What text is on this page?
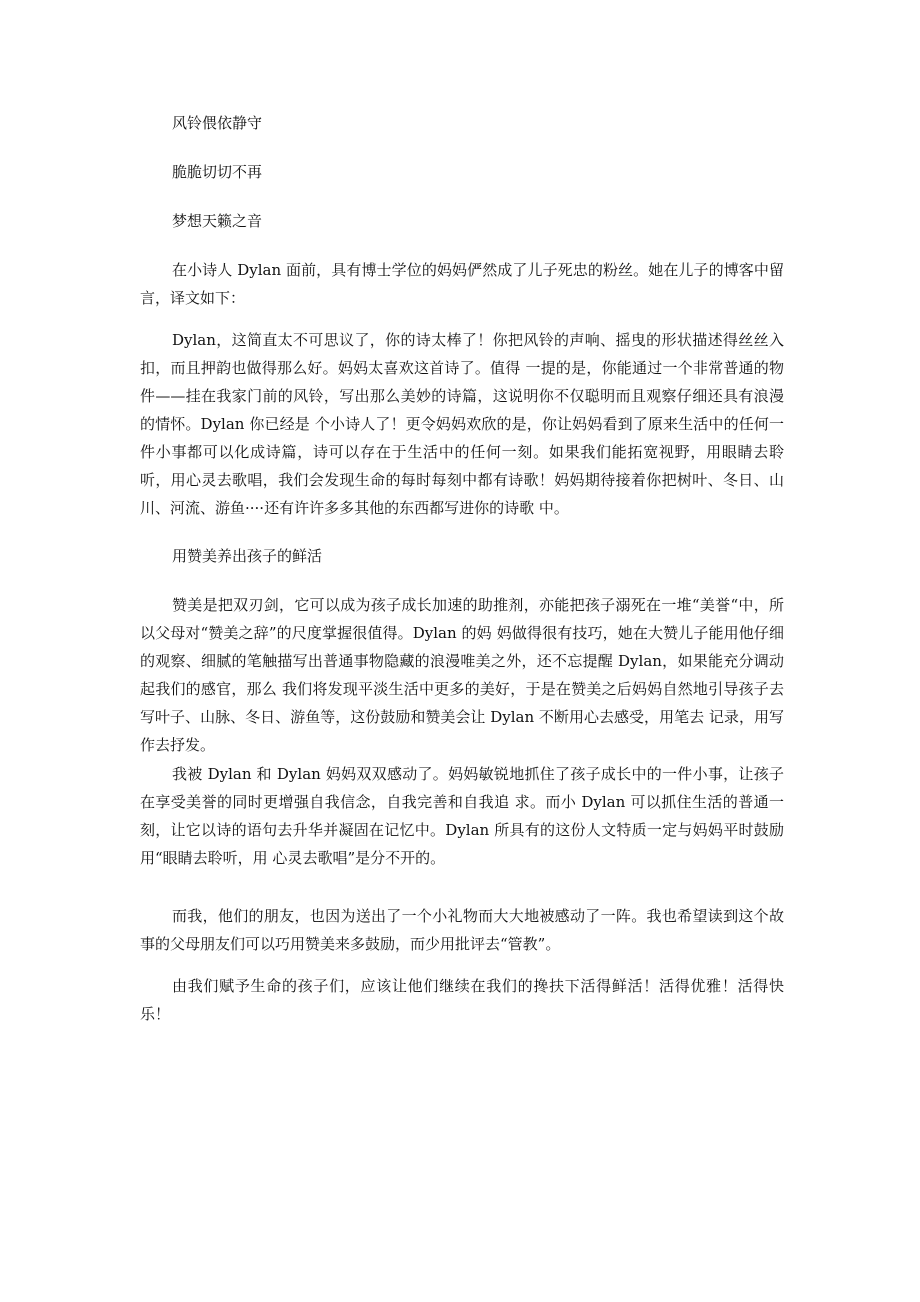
风铃偎依静守

脆脆切切不再

梦想天籁之音

在小诗人 Dylan 面前，具有博士学位的妈妈俨然成了儿子死忠的粉丝。她在儿子的博客中留言，译文如下：

Dylan，这简直太不可思议了，你的诗太棒了！你把风铃的声响、摇曳的形状描述得丝丝入扣，而且押韵也做得那么好。妈妈太喜欢这首诗了。值得 一提的是，你能通过一个非常普通的物件——挂在我家门前的风铃，写出那么美妙的诗篇，这说明你不仅聪明而且观察仔细还具有浪漫的情怀。Dylan 你已经是 个小诗人了！更令妈妈欢欣的是，你让妈妈看到了原来生活中的任何一件小事都可以化成诗篇，诗可以存在于生活中的任何一刻。如果我们能拓宽视野，用眼睛去聆 听，用心灵去歌唱，我们会发现生命的每时每刻中都有诗歌！妈妈期待接着你把树叶、冬日、山川、河流、游鱼····还有许许多多其他的东西都写进你的诗歌 中。

用赞美养出孩子的鲜活

赞美是把双刃剑，它可以成为孩子成长加速的助推剂，亦能把孩子溺死在一堆“美誉“中，所以父母对“赞美之辞”的尺度掌握很值得。Dylan 的妈 妈做得很有技巧，她在大赞儿子能用他仔细的观察、细腻的笔触描写出普通事物隐藏的浪漫唯美之外，还不忘提醒 Dylan，如果能充分调动起我们的感官，那么 我们将发现平淡生活中更多的美好，于是在赞美之后妈妈自然地引导孩子去写叶子、山脉、冬日、游鱼等，这份鼓励和赞美会让 Dylan 不断用心去感受，用笔去 记录，用写作去抒发。

我被 Dylan 和 Dylan 妈妈双双感动了。妈妈敏锐地抓住了孩子成长中的一件小事，让孩子在享受美誉的同时更增强自我信念，自我完善和自我追 求。而小 Dylan 可以抓住生活的普通一刻，让它以诗的语句去升华并凝固在记忆中。Dylan 所具有的这份人文特质一定与妈妈平时鼓励用“眼睛去聆听，用 心灵去歌唱”是分不开的。

而我，他们的朋友，也因为送出了一个小礼物而大大地被感动了一阵。我也希望读到这个故事的父母朋友们可以巧用赞美来多鼓励，而少用批评去“管教”。

由我们赋予生命的孩子们，应该让他们继续在我们的搀扶下活得鲜活！活得优雅！活得快乐！
